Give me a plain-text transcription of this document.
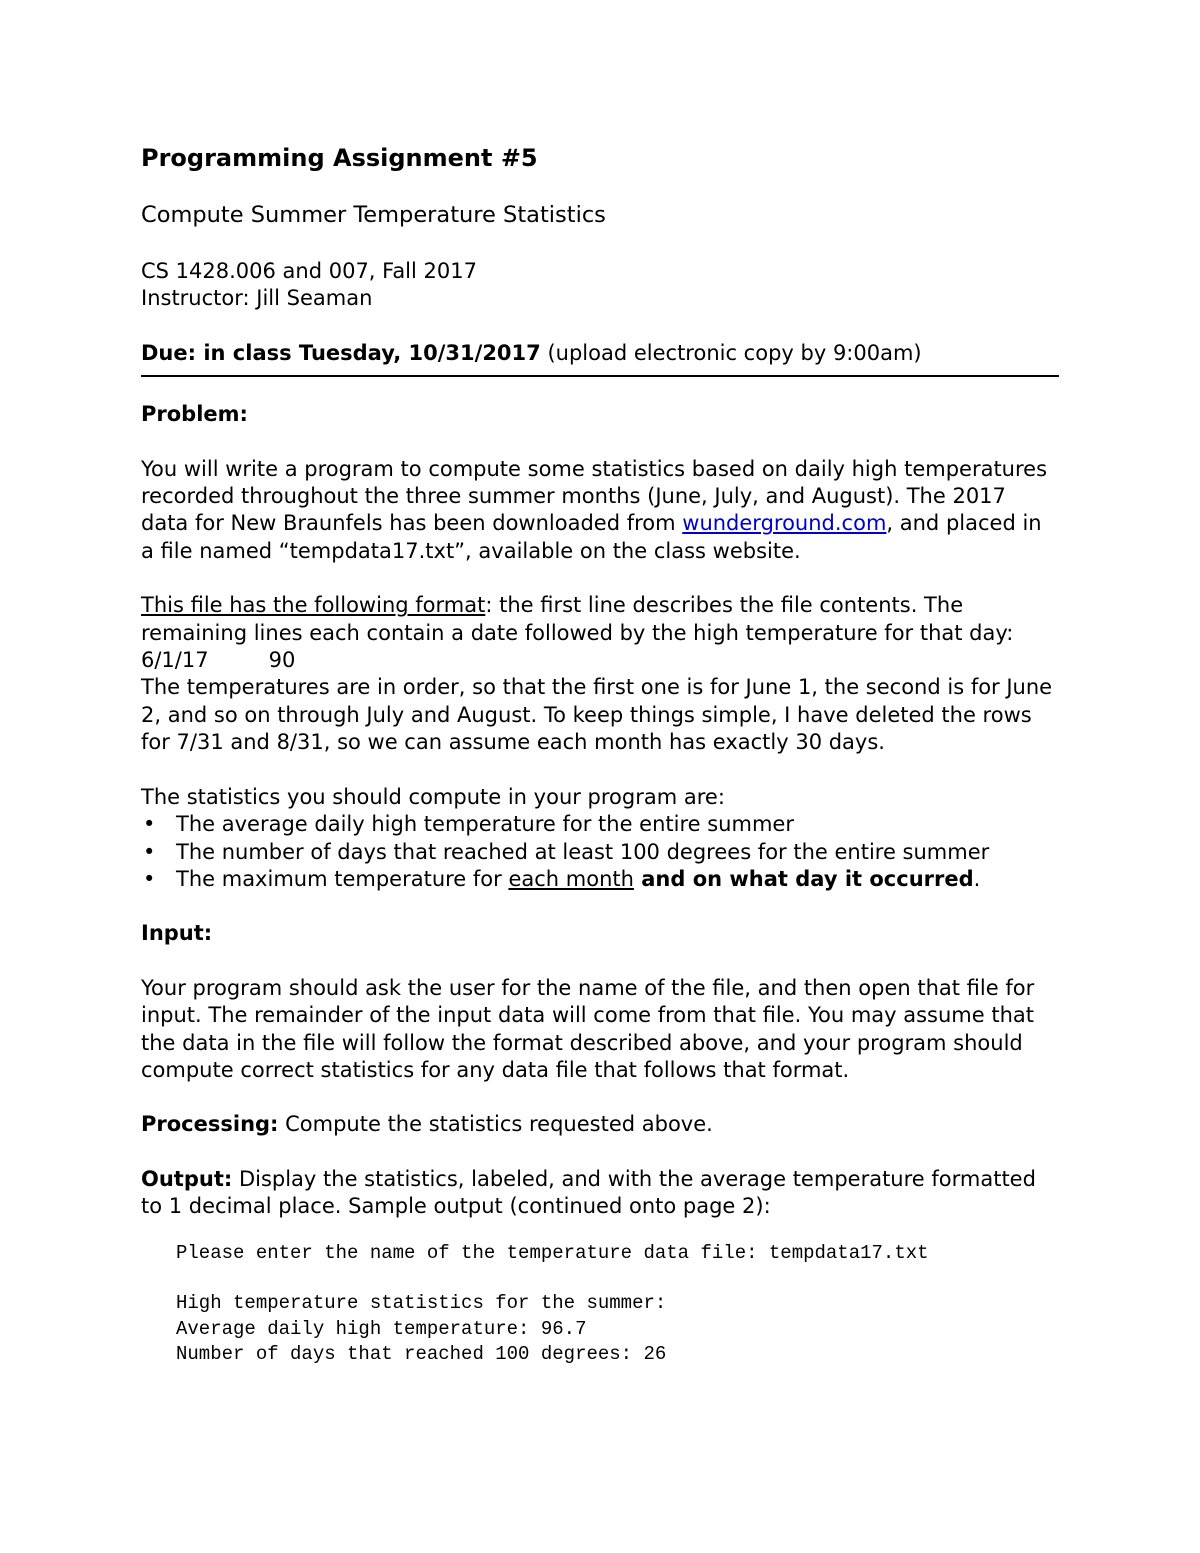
Programming Assignment #5

Compute Summer Temperature Statistics

CS 1428.006 and 007, Fall 2017

Instructor: Jill Seaman

Due: in class Tuesday, 10/31/2017 (upload electronic copy by 9:00am)

Problem:

You will write a program to compute some statistics based on daily high temperatures recorded throughout the three summer months (June, July, and August). The 2017 data for New Braunfels has been downloaded from wunderground.com, and placed in a file named “tempdata17.txt”, available on the class website.

This file has the following format: the first line describes the file contents. The remaining lines each contain a date followed by the high temperature for that day:

6/1/17	90

The temperatures are in order, so that the first one is for June 1, the second is for June 2, and so on through July and August. To keep things simple, I have deleted the rows for 7/31 and 8/31, so we can assume each month has exactly 30 days.

The statistics you should compute in your program are:

• The average daily high temperature for the entire summer
• The number of days that reached at least 100 degrees for the entire summer
• The maximum temperature for each month and on what day it occurred.

Input:

Your program should ask the user for the name of the file, and then open that file for input. The remainder of the input data will come from that file. You may assume that the data in the file will follow the format described above, and your program should compute correct statistics for any data file that follows that format.

Processing: Compute the statistics requested above.

Output: Display the statistics, labeled, and with the average temperature formatted to 1 decimal place. Sample output (continued onto page 2):

Please enter the name of the temperature data file: tempdata17.txt
High temperature statistics for the summer:
Average daily high temperature: 96.7
Number of days that reached 100 degrees: 26
